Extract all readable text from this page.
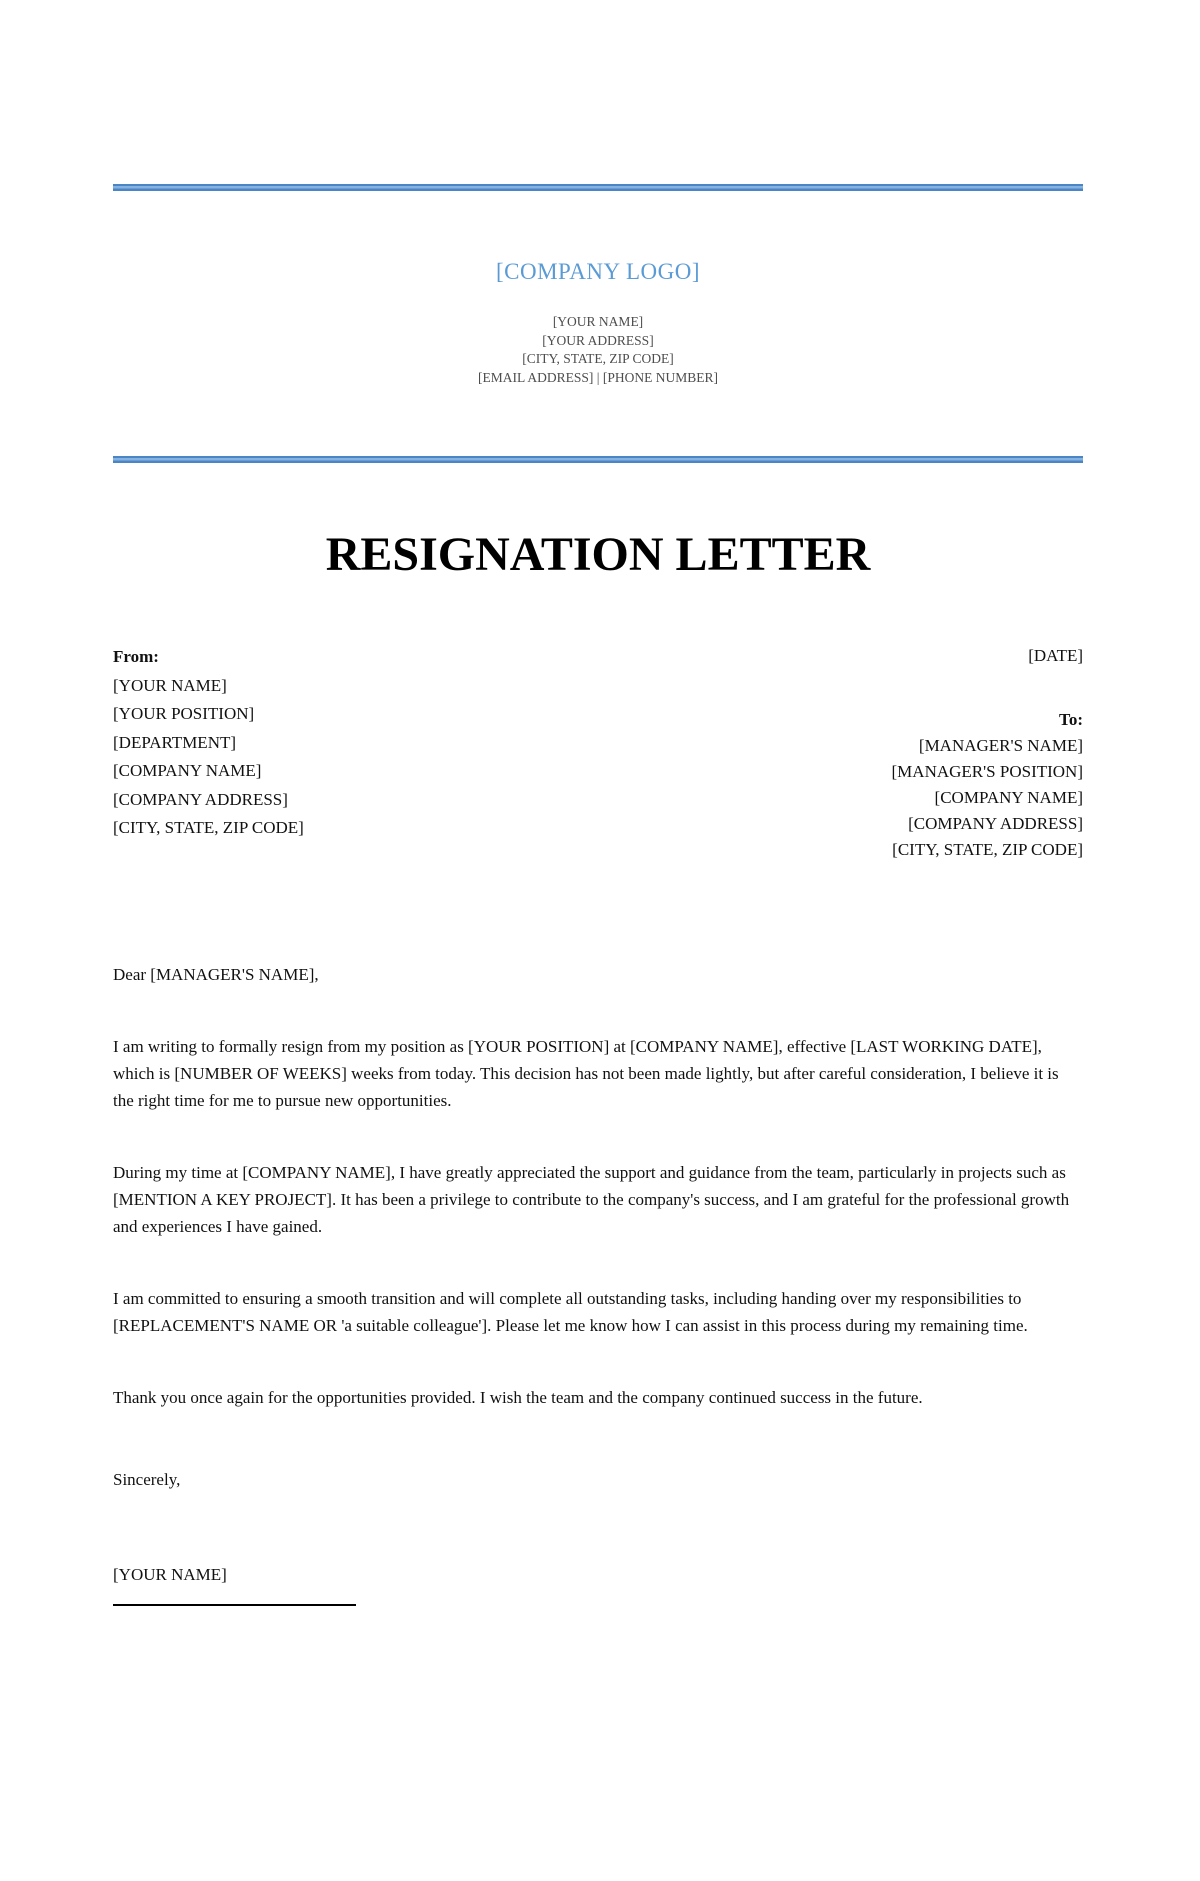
[COMPANY LOGO]
[YOUR NAME]
[YOUR ADDRESS]
[CITY, STATE, ZIP CODE]
[EMAIL ADDRESS] | [PHONE NUMBER]
RESIGNATION LETTER
From:
[YOUR NAME]
[YOUR POSITION]
[DEPARTMENT]
[COMPANY NAME]
[COMPANY ADDRESS]
[CITY, STATE, ZIP CODE]
[DATE]
To:
[MANAGER'S NAME]
[MANAGER'S POSITION]
[COMPANY NAME]
[COMPANY ADDRESS]
[CITY, STATE, ZIP CODE]
Dear [MANAGER'S NAME],
I am writing to formally resign from my position as [YOUR POSITION] at [COMPANY NAME], effective [LAST WORKING DATE], which is [NUMBER OF WEEKS] weeks from today. This decision has not been made lightly, but after careful consideration, I believe it is the right time for me to pursue new opportunities.
During my time at [COMPANY NAME], I have greatly appreciated the support and guidance from the team, particularly in projects such as [MENTION A KEY PROJECT]. It has been a privilege to contribute to the company's success, and I am grateful for the professional growth and experiences I have gained.
I am committed to ensuring a smooth transition and will complete all outstanding tasks, including handing over my responsibilities to [REPLACEMENT'S NAME OR 'a suitable colleague']. Please let me know how I can assist in this process during my remaining time.
Thank you once again for the opportunities provided. I wish the team and the company continued success in the future.
Sincerely,
[YOUR NAME]
